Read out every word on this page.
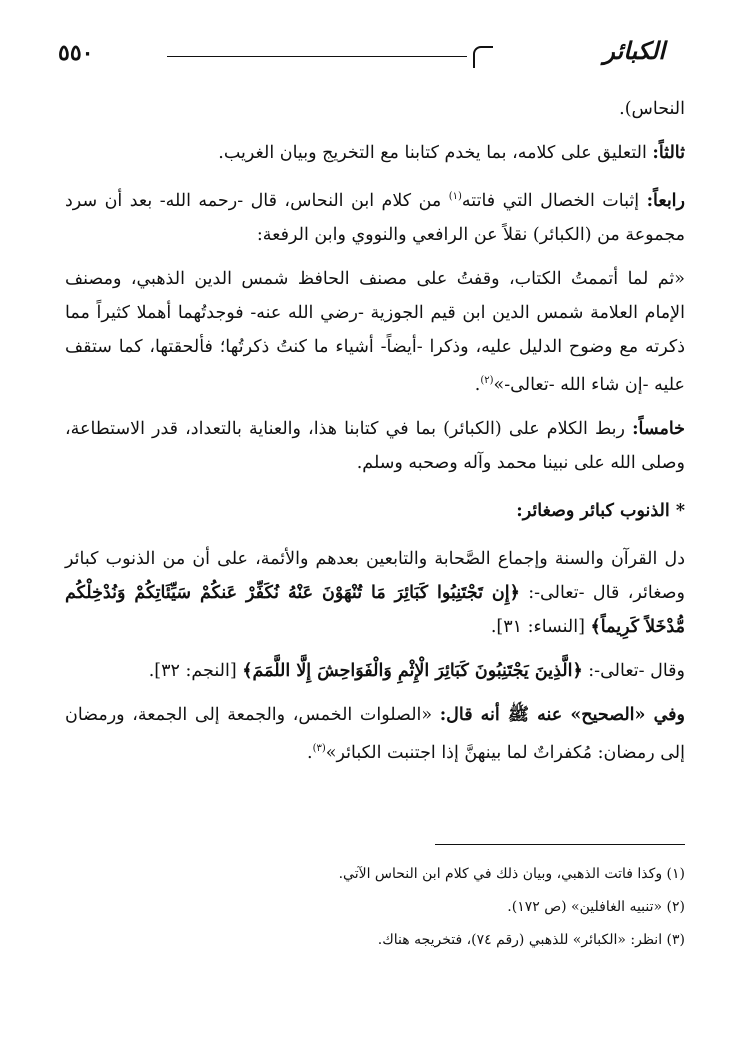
٥٥٠	الكبائر

النحاس).

ثالثاً: التعليق على كلامه، بما يخدم كتابنا مع التخريج وبيان الغريب.

رابعاً: إثبات الخصال التي فاتته$^{(١)}$ من كلام ابن النحاس، قال -رحمه الله- بعد أن سرد مجموعة من (الكبائر) نقلاً عن الرافعي والنووي وابن الرفعة:

«ثم لما أتممتُ الكتاب، وقفتُ على مصنف الحافظ شمس الدين الذهبي، ومصنف الإمام العلامة شمس الدين ابن قيم الجوزية -رضي الله عنه- فوجدتُهما أهملا كثيراً مما ذكرته مع وضوح الدليل عليه، وذكرا -أيضاً- أشياء ما كنتُ ذكرتُها؛ فألحقتها، كما ستقف عليه -إن شاء الله -تعالى-»$^{(٢)}$.

خامساً: ربط الكلام على (الكبائر) بما في كتابنا هذا، والعناية بالتعداد، قدر الاستطاعة، وصلى الله على نبينا محمد وآله وصحبه وسلم.

* الذنوب كبائر وصغائر:

دل القرآن والسنة وإجماع الصَّحابة والتابعين بعدهم والأئمة، على أن من الذنوب كبائر وصغائر، قال -تعالى-: ﴿إِن تَجْتَنِبُوا كَبَائِرَ مَا تُنْهَوْنَ عَنْهُ نُكَفِّرْ عَنكُمْ سَيِّئَاتِكُمْ وَنُدْخِلْكُم مُّدْخَلاً كَرِيماً﴾ [النساء: ٣١].

وقال -تعالى-: ﴿الَّذِينَ يَجْتَنِبُونَ كَبَائِرَ الْإِثْمِ وَالْفَوَاحِشَ إِلَّا اللَّمَمَ﴾ [النجم: ٣٢].

وفي «الصحيح» عنه ﷺ أنه قال: «الصلوات الخمس، والجمعة إلى الجمعة، ورمضان إلى رمضان: مُكفراتٌ لما بينهنَّ إذا اجتنبت الكبائر»$^{(٣)}$.

(١) وكذا فاتت الذهبي، وبيان ذلك في كلام ابن النحاس الآتي.
(٢) «تنبيه الغافلين» (ص ١٧٢).
(٣) انظر: «الكبائر» للذهبي (رقم ٧٤)، فتخريجه هناك.
